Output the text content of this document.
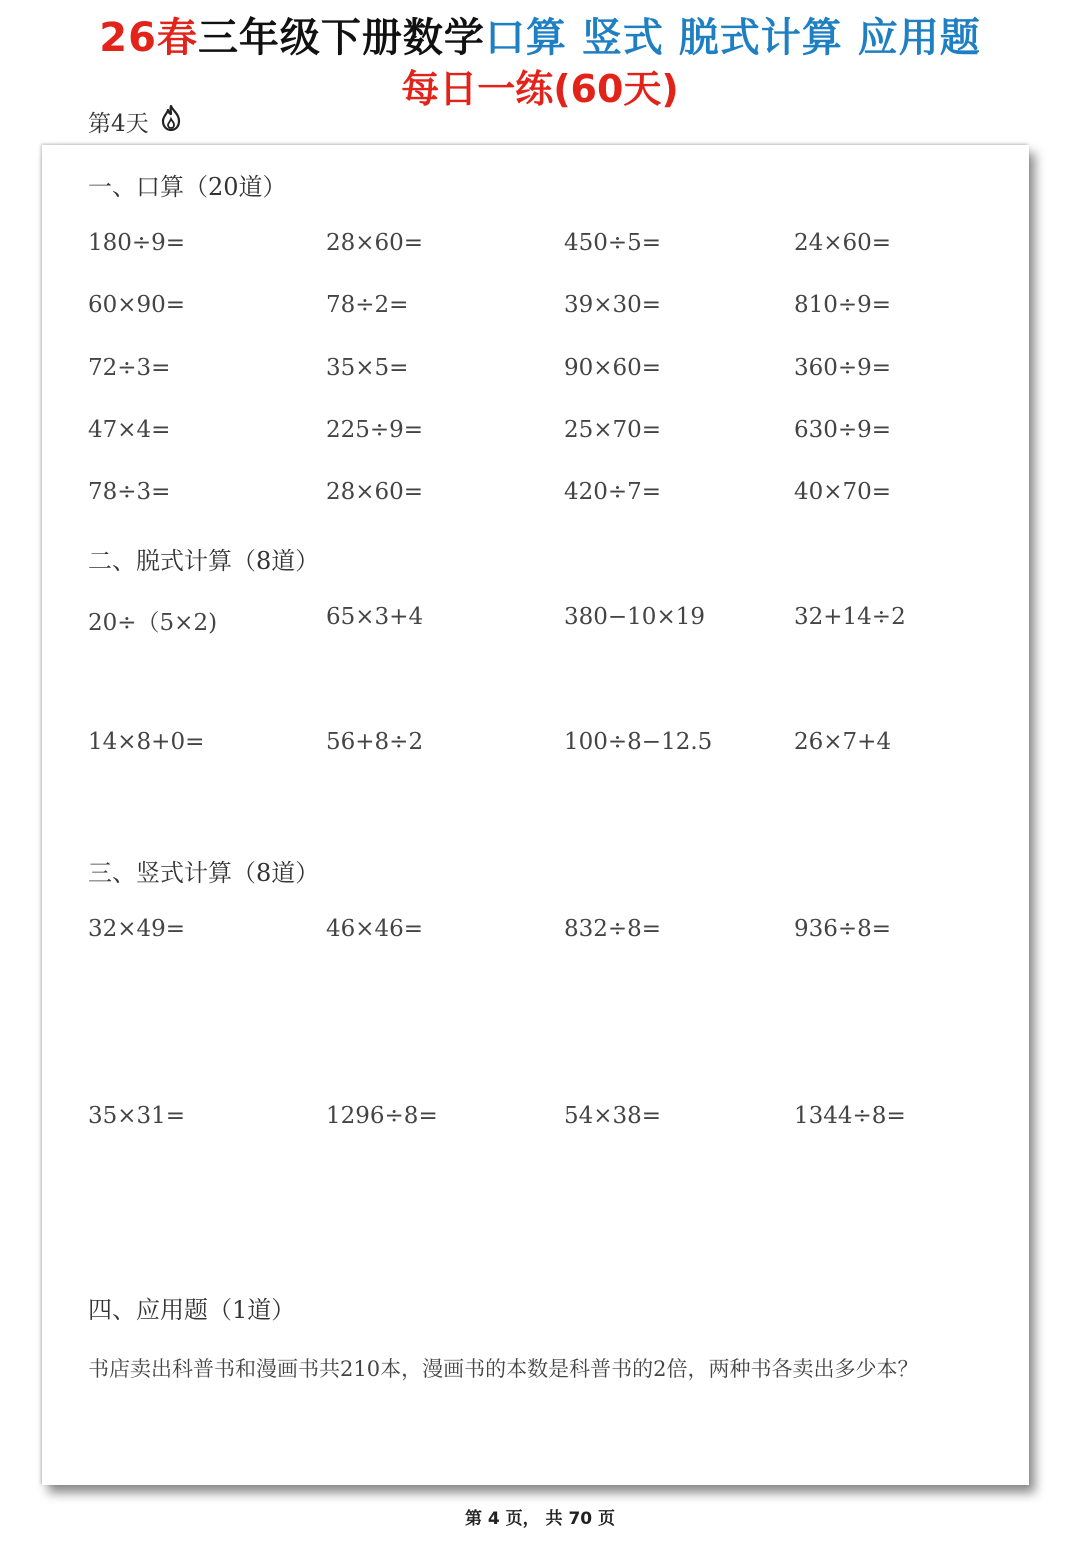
26春三年级下册数学口算 竖式 脱式计算 应用题
每日一练(60天)
第4天
一、口算（20道）
180÷9=	28×60=	450÷5=	24×60=
60×90=	78÷2=	39×30=	810÷9=
72÷3=	35×5=	90×60=	360÷9=
47×4=	225÷9=	25×70=	630÷9=
78÷3=	28×60=	420÷7=	40×70=
二、脱式计算（8道）
20÷（5×2)	65×3+4	380−10×19	32+14÷2
14×8+0=	56+8÷2	100÷8−12.5	26×7+4
三、竖式计算（8道）
32×49=	46×46=	832÷8=	936÷8=
35×31=	1296÷8=	54×38=	1344÷8=
四、应用题（1道）
书店卖出科普书和漫画书共210本，漫画书的本数是科普书的2倍，两种书各卖出多少本？
第 4 页， 共 70 页
